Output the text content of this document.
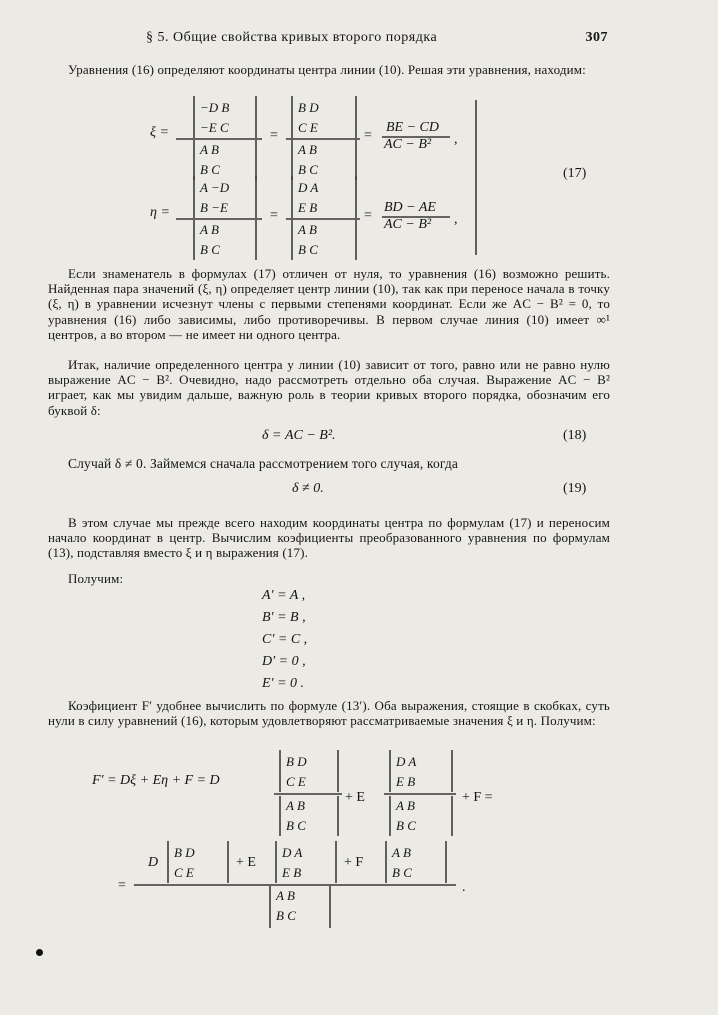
§ 5. Общие свойства кривых второго порядка	307
Уравнения (16) определяют координаты центра линии (10). Решая эти уравнения, находим:
ξ =
−D B
−E C
A B
B C
=
B D
C E
A B
B C
=
BE − CD
AC − B² ,
η =
A −D
B −E
A B
B C
=
D A
E B
A B
B C
=
BD − AE
AC − B² ,
(17)
Если знаменатель в формулах (17) отличен от нуля, то уравнения (16) возможно решить. Найденная пара значений (ξ, η) определяет центр линии (10), так как при переносе начала в точку (ξ, η) в уравнении исчезнут члены с первыми степенями координат. Если же AC − B² = 0, то уравнения (16) либо зависимы, либо противоречивы. В первом случае линия (10) имеет ∞¹ центров, а во втором — не имеет ни одного центра.
Итак, наличие определенного центра у линии (10) зависит от того, равно или не равно нулю выражение AC − B². Очевидно, надо рассмотреть отдельно оба случая. Выражение AC − B² играет, как мы увидим дальше, важную роль в теории кривых второго порядка, обозначим его буквой δ:
δ = AC − B².	(18)
Случай δ ≠ 0. Займемся сначала рассмотрением того случая, когда
δ ≠ 0.	(19)
В этом случае мы прежде всего находим координаты центра по формулам (17) и переносим начало координат в центр. Вычислим коэфициенты преобразованного уравнения по формулам (13), подставляя вместо ξ и η выражения (17).
Получим:
A′ = A ,
B′ = B ,
C′ = C ,
D′ = 0 ,
E′ = 0 .
Коэфициент F′ удобнее вычислить по формуле (13′). Оба выражения, стоящие в скобках, суть нули в силу уравнений (16), которым удовлетворяют рассматриваемые значения ξ и η. Получим:
F′ = Dξ + Eη + F = D
B D
C E
A B
B C
+ E
D A
E B
A B
B C
+ F =
=
D
B D
C E
+ E
D A
E B
+ F
A B
B C
A B
B C
.
